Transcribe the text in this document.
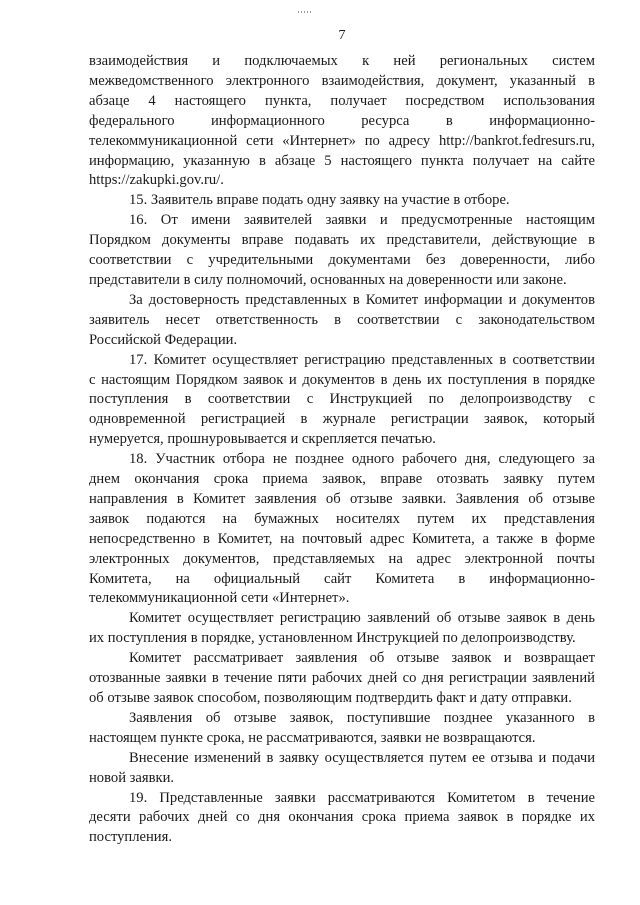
7
взаимодействия и подключаемых к ней региональных систем
межведомственного электронного взаимодействия, документ, указанный в
абзаце 4 настоящего пункта, получает посредством использования
федерального информационного ресурса в информационно-
телекоммуникационной сети «Интернет» по адресу http://bankrot.fedresurs.ru,
информацию, указанную в абзаце 5 настоящего пункта получает на сайте
https://zakupki.gov.ru/.
15. Заявитель вправе подать одну заявку на участие в отборе.
16. От имени заявителей заявки и предусмотренные настоящим
Порядком документы вправе подавать их представители, действующие в
соответствии с учредительными документами без доверенности, либо
представители в силу полномочий, основанных на доверенности или законе.
За достоверность представленных в Комитет информации и документов
заявитель несет ответственность в соответствии с законодательством
Российской Федерации.
17. Комитет осуществляет регистрацию представленных в соответствии
с настоящим Порядком заявок и документов в день их поступления в порядке
поступления в соответствии с Инструкцией по делопроизводству с
одновременной регистрацией в журнале регистрации заявок, который
нумеруется, прошнуровывается и скрепляется печатью.
18. Участник отбора не позднее одного рабочего дня, следующего за
днем окончания срока приема заявок, вправе отозвать заявку путем
направления в Комитет заявления об отзыве заявки. Заявления об отзыве
заявок подаются на бумажных носителях путем их представления
непосредственно в Комитет, на почтовый адрес Комитета, а также в форме
электронных документов, представляемых на адрес электронной почты
Комитета, на официальный сайт Комитета в информационно-
телекоммуникационной сети «Интернет».
Комитет осуществляет регистрацию заявлений об отзыве заявок в день
их поступления в порядке, установленном Инструкцией по делопроизводству.
Комитет рассматривает заявления об отзыве заявок и возвращает
отозванные заявки в течение пяти рабочих дней со дня регистрации заявлений
об отзыве заявок способом, позволяющим подтвердить факт и дату отправки.
Заявления об отзыве заявок, поступившие позднее указанного в
настоящем пункте срока, не рассматриваются, заявки не возвращаются.
Внесение изменений в заявку осуществляется путем ее отзыва и подачи
новой заявки.
19. Представленные заявки рассматриваются Комитетом в течение
десяти рабочих дней со дня окончания срока приема заявок в порядке их
поступления.
